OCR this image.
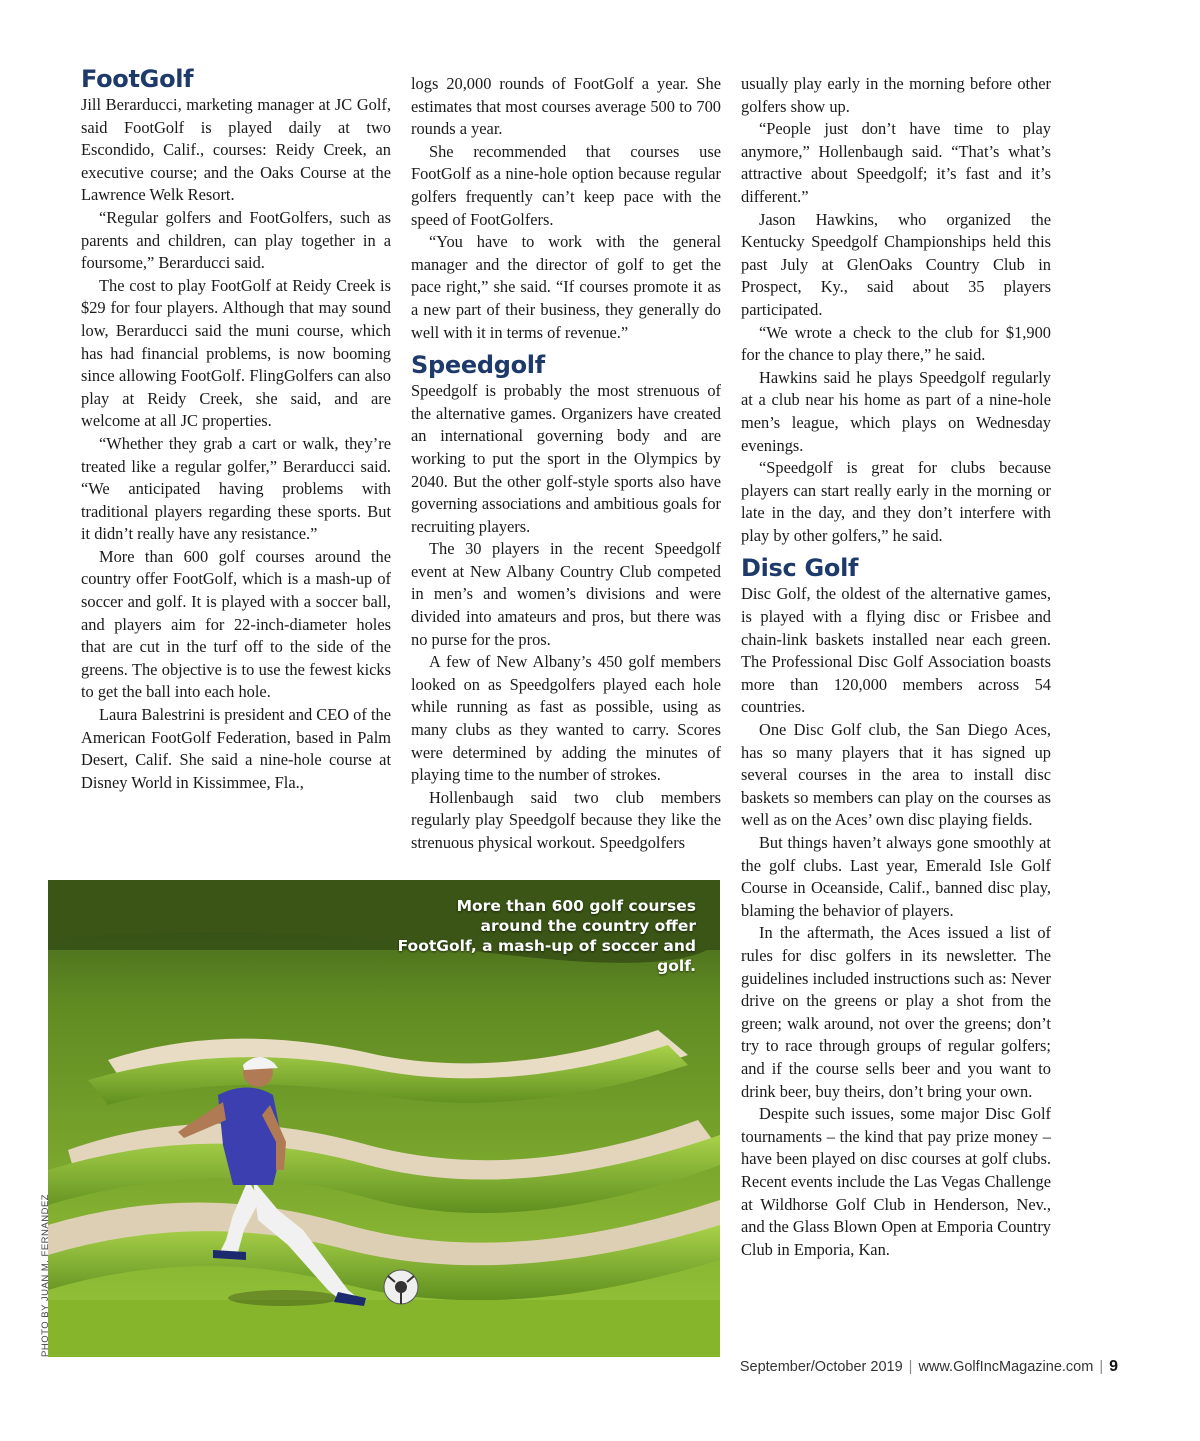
FootGolf

Jill Berarducci, marketing manager at JC Golf, said FootGolf is played daily at two Escondido, Calif., courses: Reidy Creek, an executive course; and the Oaks Course at the Lawrence Welk Resort.

“Regular golfers and FootGolfers, such as parents and children, can play together in a foursome,” Berarducci said.

The cost to play FootGolf at Reidy Creek is $29 for four players. Although that may sound low, Berarducci said the muni course, which has had financial problems, is now booming since allowing FootGolf. FlingGolfers can also play at Reidy Creek, she said, and are welcome at all JC properties.

“Whether they grab a cart or walk, they’re treated like a regular golfer,” Berarducci said. “We anticipated having problems with traditional players regarding these sports. But it didn’t really have any resistance.”

More than 600 golf courses around the country offer FootGolf, which is a mash-up of soccer and golf. It is played with a soccer ball, and players aim for 22-inch-diameter holes that are cut in the turf off to the side of the greens. The objective is to use the fewest kicks to get the ball into each hole.

Laura Balestrini is president and CEO of the American FootGolf Federation, based in Palm Desert, Calif. She said a nine-hole course at Disney World in Kissimmee, Fla.,

logs 20,000 rounds of FootGolf a year. She estimates that most courses average 500 to 700 rounds a year.

She recommended that courses use FootGolf as a nine-hole option because regular golfers frequently can’t keep pace with the speed of FootGolfers.

“You have to work with the general manager and the director of golf to get the pace right,” she said. “If courses promote it as a new part of their business, they generally do well with it in terms of revenue.”

Speedgolf

Speedgolf is probably the most strenuous of the alternative games. Organizers have created an international governing body and are working to put the sport in the Olympics by 2040. But the other golf-style sports also have governing associations and ambitious goals for recruiting players.

The 30 players in the recent Speedgolf event at New Albany Country Club competed in men’s and women’s divisions and were divided into amateurs and pros, but there was no purse for the pros.

A few of New Albany’s 450 golf members looked on as Speedgolfers played each hole while running as fast as possible, using as many clubs as they wanted to carry. Scores were determined by adding the minutes of playing time to the number of strokes.

Hollenbaugh said two club members regularly play Speedgolf because they like the strenuous physical workout. Speedgolfers

usually play early in the morning before other golfers show up.

“People just don’t have time to play anymore,” Hollenbaugh said. “That’s what’s attractive about Speedgolf; it’s fast and it’s different.”

Jason Hawkins, who organized the Kentucky Speedgolf Championships held this past July at GlenOaks Country Club in Prospect, Ky., said about 35 players participated.

“We wrote a check to the club for $1,900 for the chance to play there,” he said.

Hawkins said he plays Speedgolf regularly at a club near his home as part of a nine-hole men’s league, which plays on Wednesday evenings.

“Speedgolf is great for clubs because players can start really early in the morning or late in the day, and they don’t interfere with play by other golfers,” he said.

Disc Golf

Disc Golf, the oldest of the alternative games, is played with a flying disc or Frisbee and chain-link baskets installed near each green. The Professional Disc Golf Association boasts more than 120,000 members across 54 countries.

One Disc Golf club, the San Diego Aces, has so many players that it has signed up several courses in the area to install disc baskets so members can play on the courses as well as on the Aces’ own disc playing fields.

But things haven’t always gone smoothly at the golf clubs. Last year, Emerald Isle Golf Course in Oceanside, Calif., banned disc play, blaming the behavior of players.

In the aftermath, the Aces issued a list of rules for disc golfers in its newsletter. The guidelines included instructions such as: Never drive on the greens or play a shot from the green; walk around, not over the greens; don’t try to race through groups of regular golfers; and if the course sells beer and you want to drink beer, buy theirs, don’t bring your own.

Despite such issues, some major Disc Golf tournaments – the kind that pay prize money – have been played on disc courses at golf clubs. Recent events include the Las Vegas Challenge at Wildhorse Golf Club in Henderson, Nev., and the Glass Blown Open at Emporia Country Club in Emporia, Kan.

More than 600 golf courses around the country offer FootGolf, a mash-up of soccer and golf.
PHOTO BY JUAN M. FERNANDEZ
September/October 2019 | www.GolfIncMagazine.com | 9
